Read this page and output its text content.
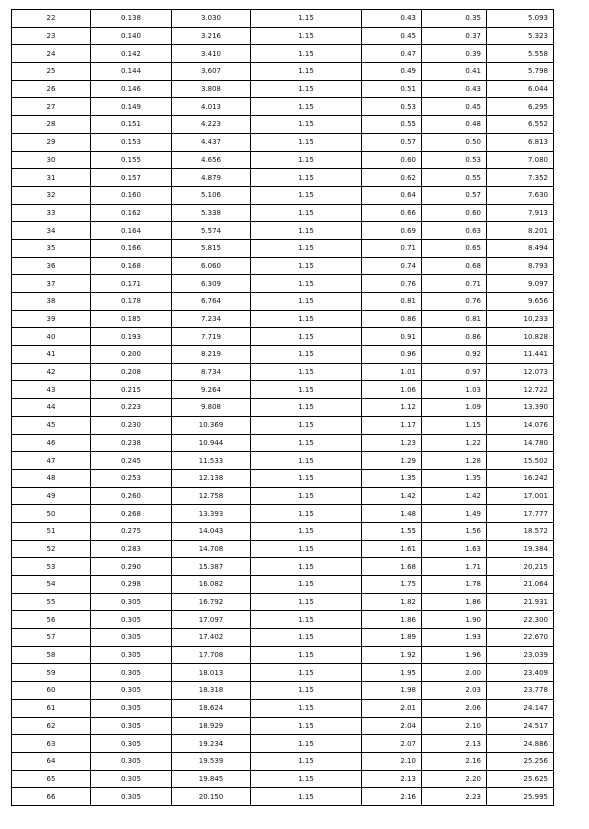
22	0.138	3.030	1.15	0.43	0.35	5.093
23	0.140	3.216	1.15	0.45	0.37	5.323
24	0.142	3.410	1.15	0.47	0.39	5.558
25	0.144	3.607	1.15	0.49	0.41	5.798
26	0.146	3.808	1.15	0.51	0.43	6.044
27	0.149	4.013	1.15	0.53	0.45	6.295
28	0.151	4.223	1.15	0.55	0.48	6.552
29	0.153	4.437	1.15	0.57	0.50	6.813
30	0.155	4.656	1.15	0.60	0.53	7.080
31	0.157	4.879	1.15	0.62	0.55	7.352
32	0.160	5.106	1.15	0.64	0.57	7.630
33	0.162	5.338	1.15	0.66	0.60	7.913
34	0.164	5.574	1.15	0.69	0.63	8.201
35	0.166	5.815	1.15	0.71	0.65	8.494
36	0.168	6.060	1.15	0.74	0.68	8.793
37	0.171	6.309	1.15	0.76	0.71	9.097
38	0.178	6.764	1.15	0.81	0.76	9.656
39	0.185	7.234	1.15	0.86	0.81	10.233
40	0.193	7.719	1.15	0.91	0.86	10.828
41	0.200	8.219	1.15	0.96	0.92	11.441
42	0.208	8.734	1.15	1.01	0.97	12.073
43	0.215	9.264	1.15	1.06	1.03	12.722
44	0.223	9.808	1.15	1.12	1.09	13.390
45	0.230	10.369	1.15	1.17	1.15	14.076
46	0.238	10.944	1.15	1.23	1.22	14.780
47	0.245	11.533	1.15	1.29	1.28	15.502
48	0.253	12.138	1.15	1.35	1.35	16.242
49	0.260	12.758	1.15	1.42	1.42	17.001
50	0.268	13.393	1.15	1.48	1.49	17.777
51	0.275	14.043	1.15	1.55	1.56	18.572
52	0.283	14.708	1.15	1.61	1.63	19.384
53	0.290	15.387	1.15	1.68	1.71	20.215
54	0.298	16.082	1.15	1.75	1.78	21.064
55	0.305	16.792	1.15	1.82	1.86	21.931
56	0.305	17.097	1.15	1.86	1.90	22.300
57	0.305	17.402	1.15	1.89	1.93	22.670
58	0.305	17.708	1.15	1.92	1.96	23.039
59	0.305	18.013	1.15	1.95	2.00	23.409
60	0.305	18.318	1.15	1.98	2.03	23.778
61	0.305	18.624	1.15	2.01	2.06	24.147
62	0.305	18.929	1.15	2.04	2.10	24.517
63	0.305	19.234	1.15	2.07	2.13	24.886
64	0.305	19.539	1.15	2.10	2.16	25.256
65	0.305	19.845	1.15	2.13	2.20	25.625
66	0.305	20.150	1.15	2.16	2.23	25.995
